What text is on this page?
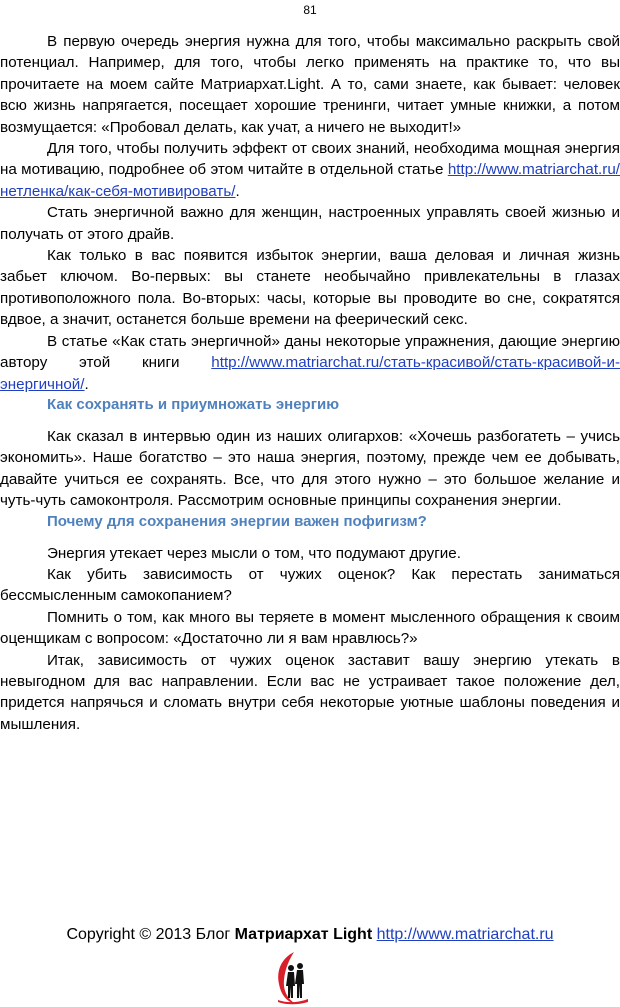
81

В первую очередь энергия нужна для того, чтобы максимально раскрыть свой потенциал. Например, для того, чтобы легко применять на практике то, что вы прочитаете на моем сайте Матриархат.Light. А то, сами знаете, как бывает: человек всю жизнь напрягается, посещает хорошие тренинги, читает умные книжки, а потом возмущается: «Пробовал делать, как учат, а ничего не выходит!»

Для того, чтобы получить эффект от своих знаний, необходима мощная энергия на мотивацию, подробнее об этом читайте в отдельной статье http://www.matriarchat.ru/нетленка/как-себя-мотивировать/.

Стать энергичной важно для женщин, настроенных управлять своей жизнью и получать от этого драйв.

Как только в вас появится избыток энергии, ваша деловая и личная жизнь забьет ключом. Во-первых: вы станете необычайно привлекательны в глазах противоположного пола. Во-вторых: часы, которые вы проводите во сне, сократятся вдвое, а значит, останется больше времени на феерический секс.

В статье «Как стать энергичной» даны некоторые упражнения, дающие энергию автору этой книги http://www.matriarchat.ru/стать-красивой/стать-красивой-и-энергичной/.

Как сохранять и приумножать энергию

Как сказал в интервью один из наших олигархов: «Хочешь разбогатеть – учись экономить». Наше богатство – это наша энергия, поэтому, прежде чем ее добывать, давайте учиться ее сохранять. Все, что для этого нужно – это большое желание и чуть-чуть самоконтроля. Рассмотрим основные принципы сохранения энергии.

Почему для сохранения энергии важен пофигизм?

Энергия утекает через мысли о том, что подумают другие.

Как убить зависимость от чужих оценок? Как перестать заниматься бессмысленным самокопанием?

Помнить о том, как много вы теряете в момент мысленного обращения к своим оценщикам с вопросом: «Достаточно ли я вам нравлюсь?»

Итак, зависимость от чужих оценок заставит вашу энергию утекать в невыгодном для вас направлении. Если вас не устраивает такое положение дел, придется напрячься и сломать внутри себя некоторые уютные шаблоны поведения и мышления.

Copyright © 2013 Блог Матриархат Light http://www.matriarchat.ru
